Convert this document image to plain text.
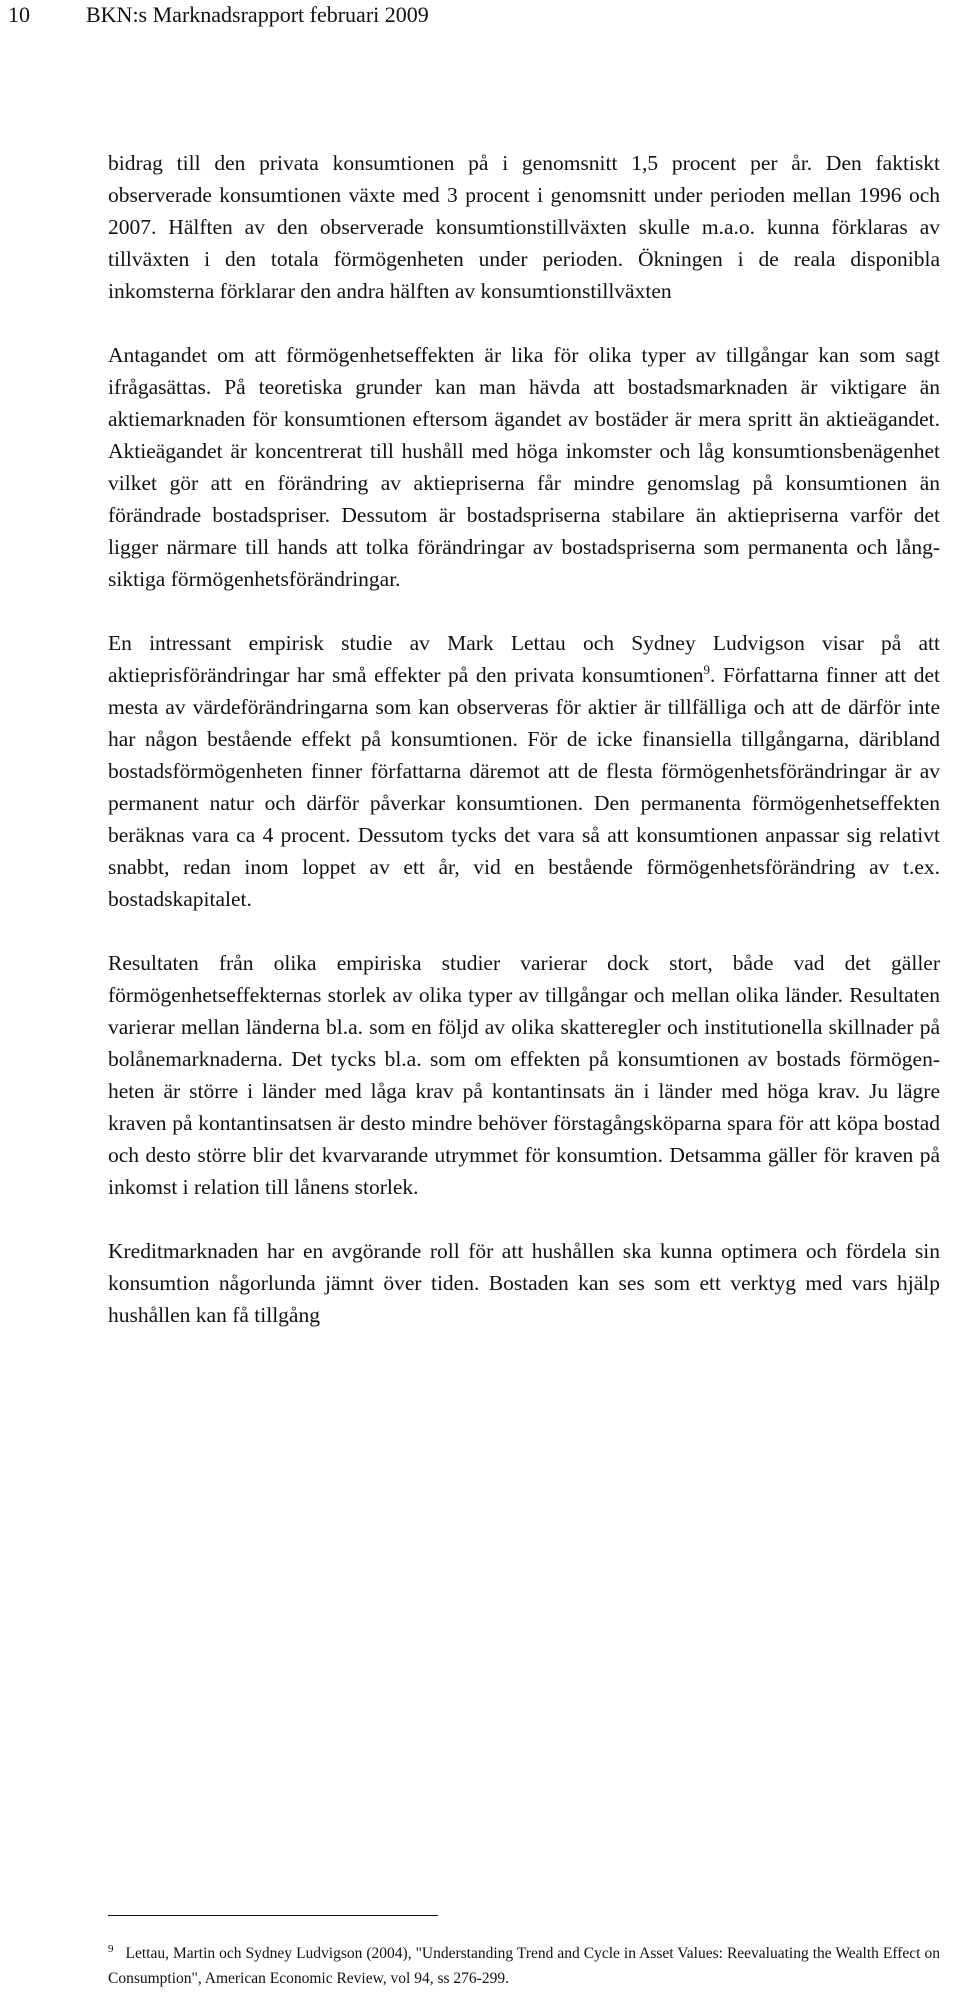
10	BKN:s Marknadsrapport februari 2009

bidrag till den privata konsumtionen på i genomsnitt 1,5 procent per år. Den faktiskt observerade konsumtionen växte med 3 procent i genomsnitt under perioden mellan 1996 och 2007. Hälften av den observerade konsumtionstillväxten skulle m.a.o. kunna förklaras av tillväxten i den totala förmögenheten under perioden. Ökningen i de reala disponibla inkomsterna förklarar den andra hälften av konsumtionstillväxten

Antagandet om att förmögenhetseffekten är lika för olika typer av tillgångar kan som sagt ifrågasättas. På teoretiska grunder kan man hävda att bostadsmarknaden är viktigare än aktiemarknaden för konsumtionen eftersom ägandet av bostäder är mera spritt än aktieägandet. Aktieägandet är koncentrerat till hushåll med höga inkomster och låg konsumtionsbenägenhet vilket gör att en förändring av aktiepriserna får mindre genomslag på konsumtionen än förändrade bostadspriser. Dessutom är bostadspriserna stabilare än aktiepriserna varför det ligger närmare till hands att tolka förändringar av bostadspriserna som permanenta och långsiktiga förmögenhetsförändringar.

En intressant empirisk studie av Mark Lettau och Sydney Ludvigson visar på att aktieprisförändringar har små effekter på den privata konsumtionen$^9$. Författarna finner att det mesta av värdeförändringarna som kan observeras för aktier är tillfälliga och att de därför inte har någon bestående effekt på konsumtionen. För de icke finansiella tillgångarna, däribland bostadsförmögenheten finner författarna däremot att de flesta förmögenhetsförändringar är av permanent natur och därför påverkar konsumtionen. Den permanenta förmögenhetseffekten beräknas vara ca 4 procent. Dessutom tycks det vara så att konsumtionen anpassar sig relativt snabbt, redan inom loppet av ett år, vid en bestående förmögenhetsförändring av t.ex. bostadskapitalet.

Resultaten från olika empiriska studier varierar dock stort, både vad det gäller förmögenhetseffekternas storlek av olika typer av tillgångar och mellan olika länder. Resultaten varierar mellan länderna bl.a. som en följd av olika skatteregler och institutionella skillnader på bolånemarknaderna. Det tycks bl.a. som om effekten på konsumtionen av bostads förmögenheten är större i länder med låga krav på kontantinsats än i länder med höga krav. Ju lägre kraven på kontantinsatsen är desto mindre behöver förstagångsköparna spara för att köpa bostad och desto större blir det kvarvarande utrymmet för konsumtion. Detsamma gäller för kraven på inkomst i relation till lånens storlek.

Kreditmarknaden har en avgörande roll för att hushållen ska kunna optimera och fördela sin konsumtion någorlunda jämnt över tiden. Bostaden kan ses som ett verktyg med vars hjälp hushållen kan få tillgång

$^9$ Lettau, Martin och Sydney Ludvigson (2004), "Understanding Trend and Cycle in Asset Values: Reevaluating the Wealth Effect on Consumption", American Economic Review, vol 94, ss 276-299.
